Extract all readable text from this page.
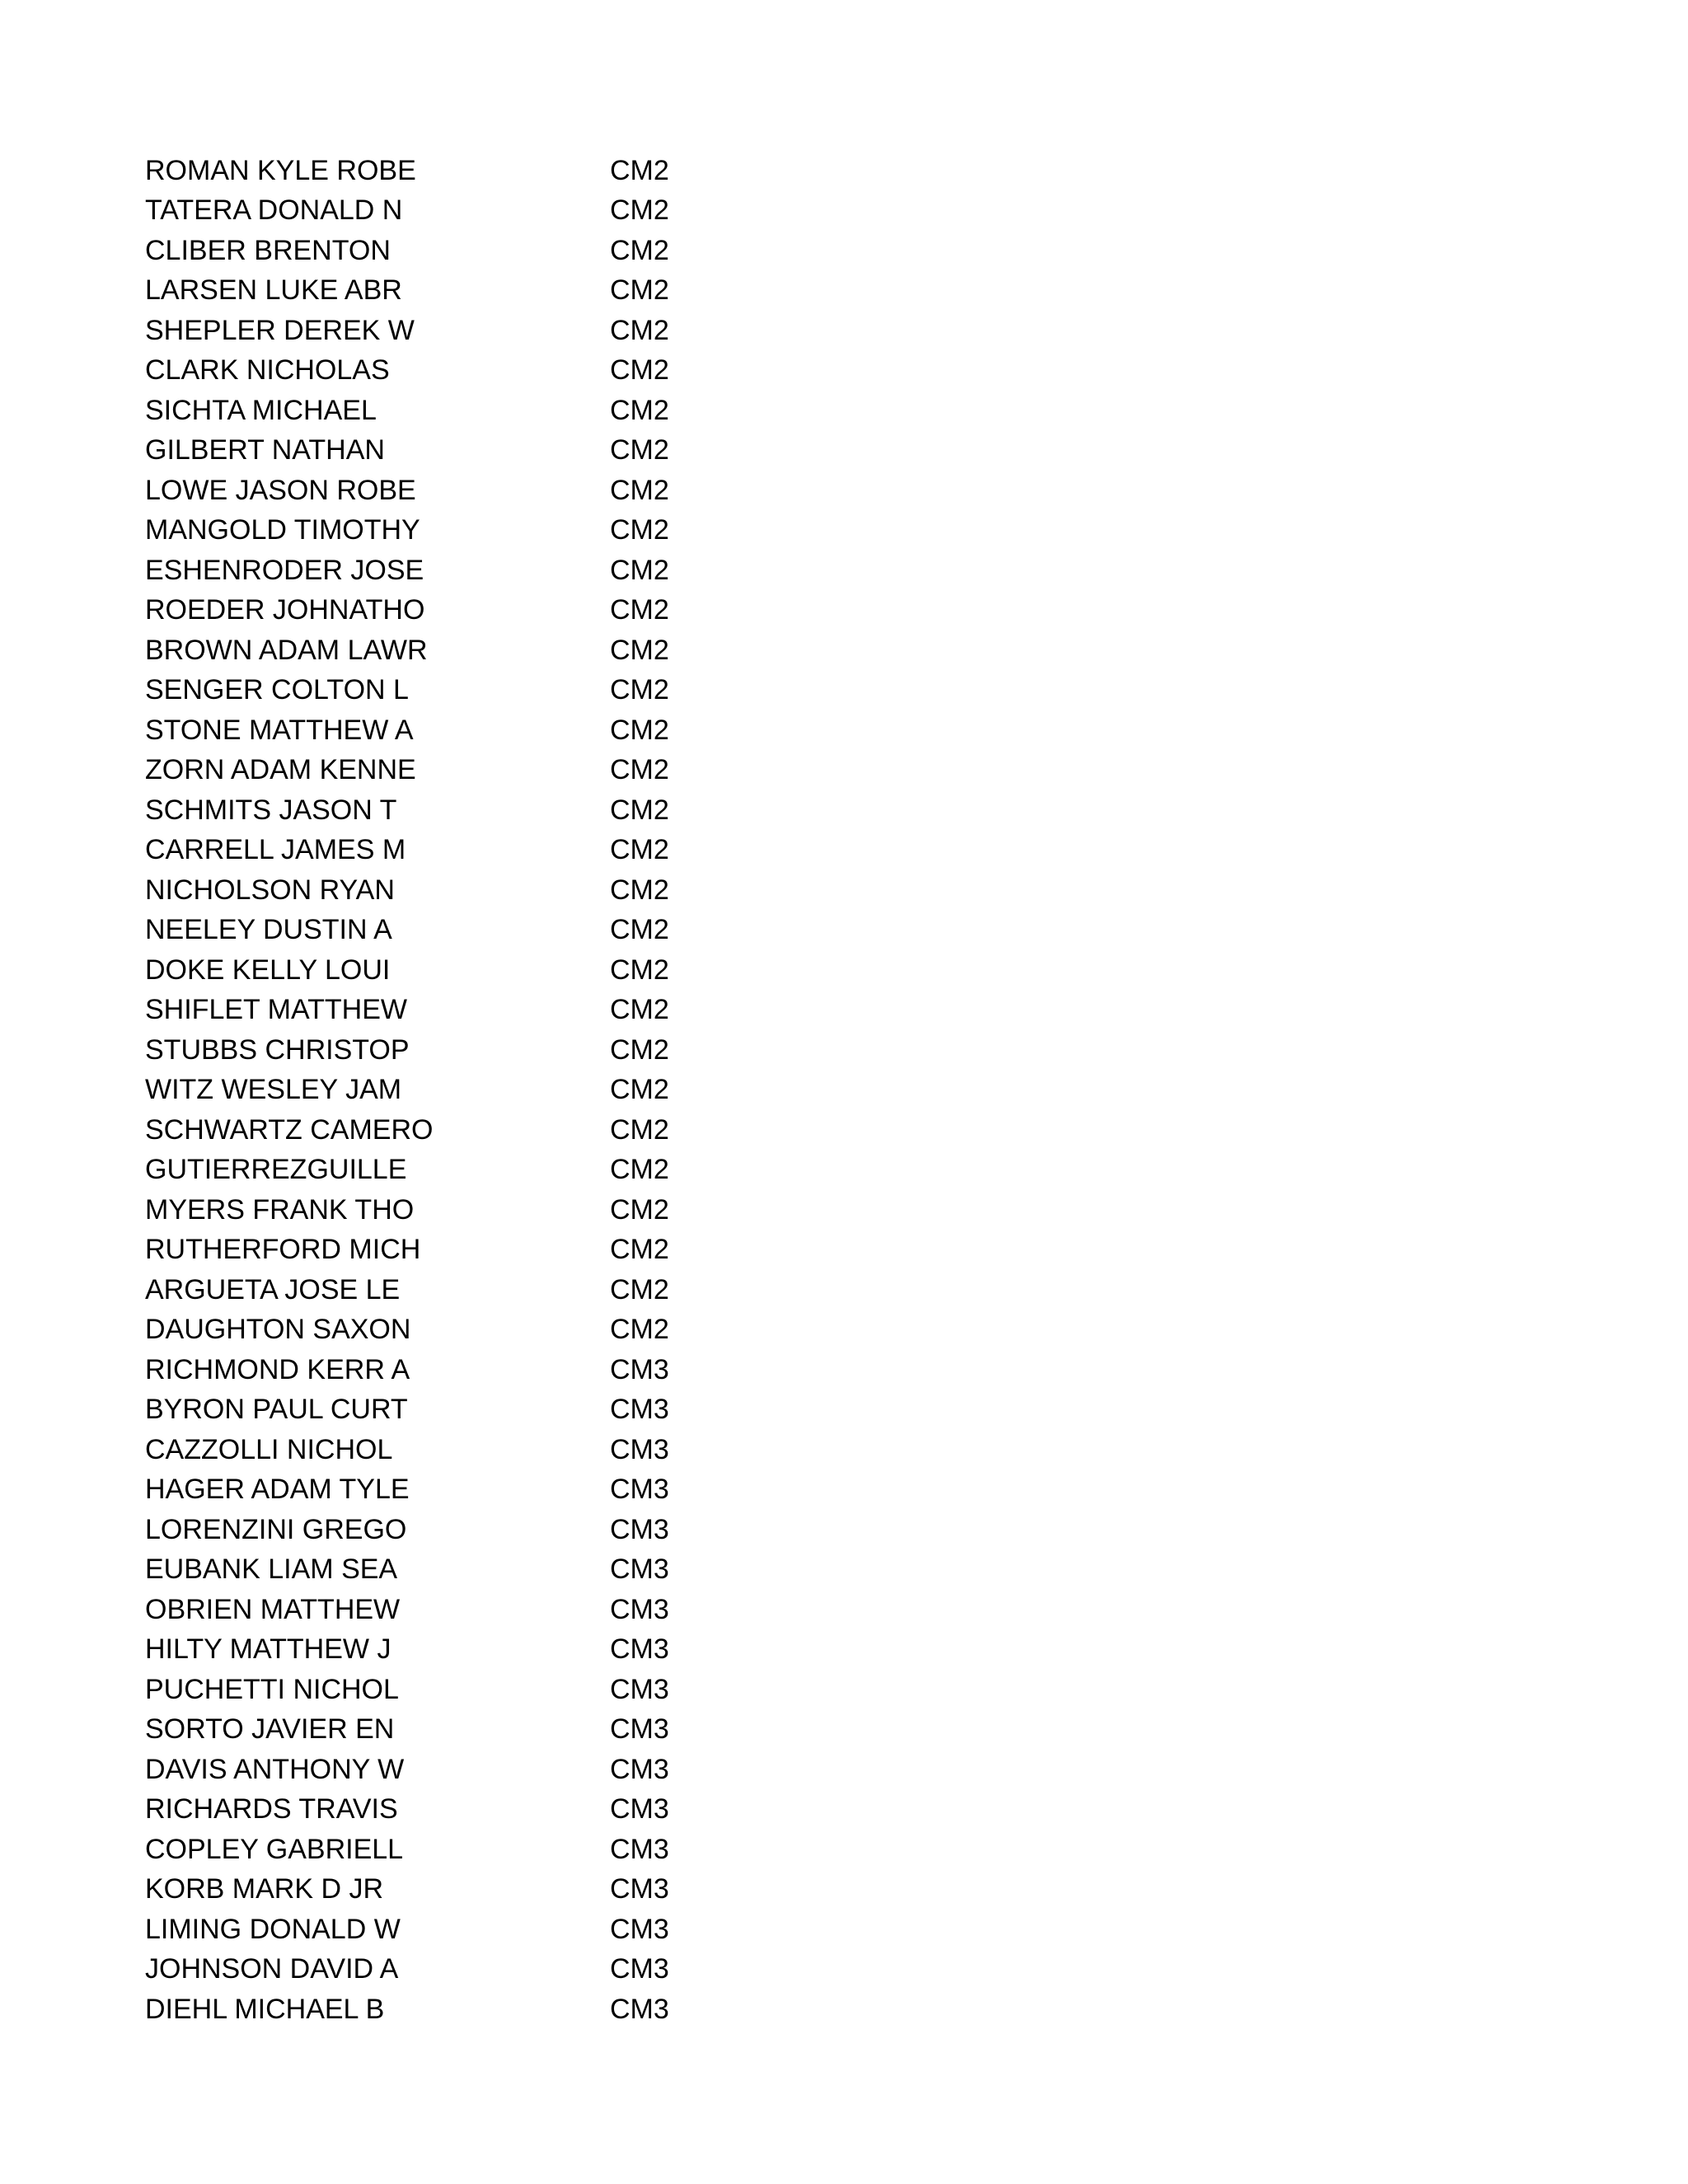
ROMAN KYLE ROBE	CM2
TATERA DONALD N	CM2
CLIBER BRENTON	CM2
LARSEN LUKE ABR	CM2
SHEPLER DEREK W	CM2
CLARK NICHOLAS	CM2
SICHTA MICHAEL	CM2
GILBERT NATHAN	CM2
LOWE JASON ROBE	CM2
MANGOLD TIMOTHY	CM2
ESHENRODER JOSE	CM2
ROEDER JOHNATHO	CM2
BROWN ADAM LAWR	CM2
SENGER COLTON L	CM2
STONE MATTHEW A	CM2
ZORN ADAM KENNE	CM2
SCHMITS JASON T	CM2
CARRELL JAMES M	CM2
NICHOLSON RYAN	CM2
NEELEY DUSTIN A	CM2
DOKE KELLY LOUI	CM2
SHIFLET MATTHEW	CM2
STUBBS CHRISTOP	CM2
WITZ WESLEY JAM	CM2
SCHWARTZ CAMERO	CM2
GUTIERREZGUILLE	CM2
MYERS FRANK THO	CM2
RUTHERFORD MICH	CM2
ARGUETA JOSE LE	CM2
DAUGHTON SAXON	CM2
RICHMOND KERR A	CM3
BYRON PAUL CURT	CM3
CAZZOLLI NICHOL	CM3
HAGER ADAM TYLE	CM3
LORENZINI GREGO	CM3
EUBANK LIAM SEA	CM3
OBRIEN MATTHEW	CM3
HILTY MATTHEW J	CM3
PUCHETTI NICHOL	CM3
SORTO JAVIER EN	CM3
DAVIS ANTHONY W	CM3
RICHARDS TRAVIS	CM3
COPLEY GABRIELL	CM3
KORB MARK D JR	CM3
LIMING DONALD W	CM3
JOHNSON DAVID A	CM3
DIEHL MICHAEL B	CM3
